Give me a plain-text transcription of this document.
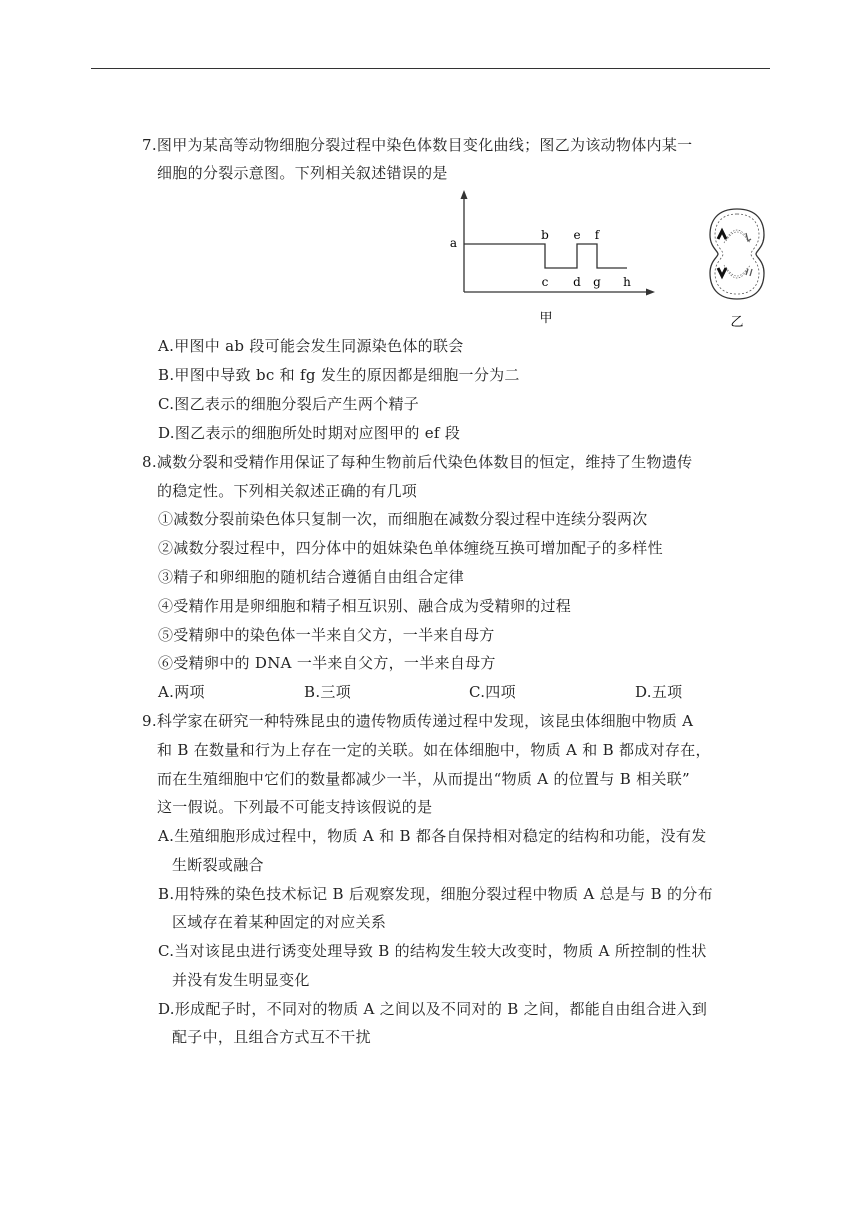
7.图甲为某高等动物细胞分裂过程中染色体数目变化曲线；图乙为该动物体内某一
细胞的分裂示意图。下列相关叙述错误的是
a
b
c d
e f
g h
甲	乙
A.甲图中 ab 段可能会发生同源染色体的联会
B.甲图中导致 bc 和 fg 发生的原因都是细胞一分为二
C.图乙表示的细胞分裂后产生两个精子
D.图乙表示的细胞所处时期对应图甲的 ef 段
8.减数分裂和受精作用保证了每种生物前后代染色体数目的恒定，维持了生物遗传
的稳定性。下列相关叙述正确的有几项
①减数分裂前染色体只复制一次，而细胞在减数分裂过程中连续分裂两次
②减数分裂过程中，四分体中的姐妹染色单体缠绕互换可增加配子的多样性
③精子和卵细胞的随机结合遵循自由组合定律
④受精作用是卵细胞和精子相互识别、融合成为受精卵的过程
⑤受精卵中的染色体一半来自父方，一半来自母方
⑥受精卵中的 DNA 一半来自父方，一半来自母方
A.两项	B.三项	C.四项	D.五项
9.科学家在研究一种特殊昆虫的遗传物质传递过程中发现，该昆虫体细胞中物质 A
和 B 在数量和行为上存在一定的关联。如在体细胞中，物质 A 和 B 都成对存在，
而在生殖细胞中它们的数量都减少一半，从而提出“物质 A 的位置与 B 相关联”
这一假说。下列最不可能支持该假说的是
A.生殖细胞形成过程中，物质 A 和 B 都各自保持相对稳定的结构和功能，没有发
生断裂或融合
B.用特殊的染色技术标记 B 后观察发现，细胞分裂过程中物质 A 总是与 B 的分布
区域存在着某种固定的对应关系
C.当对该昆虫进行诱变处理导致 B 的结构发生较大改变时，物质 A 所控制的性状
并没有发生明显变化
D.形成配子时，不同对的物质 A 之间以及不同对的 B 之间，都能自由组合进入到
配子中，且组合方式互不干扰
